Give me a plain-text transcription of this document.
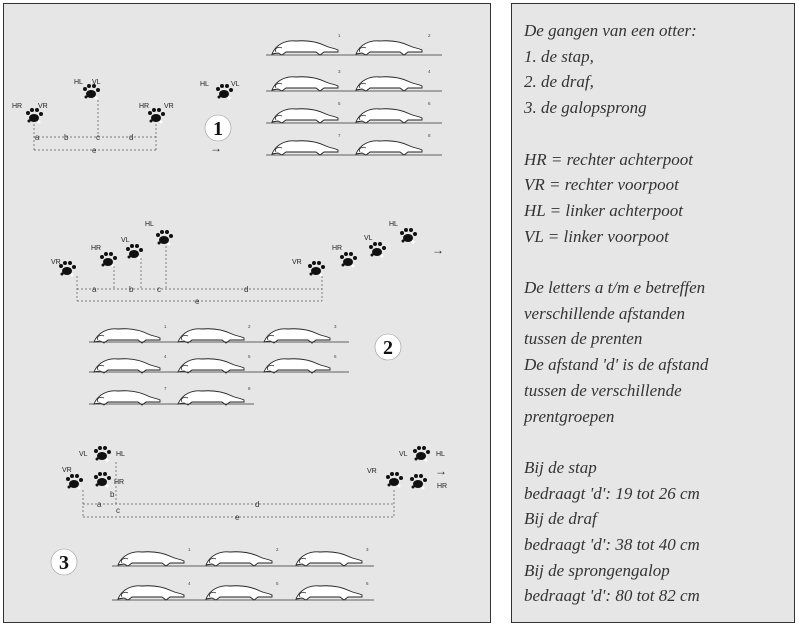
HR VR
HL VL
HR VR
HL	VL
a	b	c	d
e	→
1
1	2
3	4
5	6
7	8
VR
HR
VL
HL
VR
HR
VL
HL
a	b	c	d
e
→
2
1	2	3
4	5	6
7	8
VR
VL	HL
HR
VR
VL	HL
HR
a
b
c
d
e
→
3
1	2	3
4	5	6
De gangen van een otter:
1. de stap,
2. de draf,
3. de galopsprong
HR = rechter achterpoot
VR = rechter voorpoot
HL = linker achterpoot
VL = linker voorpoot
De letters a t/m e betreffen
verschillende afstanden
tussen de prenten
De afstand 'd' is de afstand
tussen de verschillende
prentgroepen
Bij de stap
bedraagt 'd': 19 tot 26 cm
Bij de draf
bedraagt 'd': 38 tot 40 cm
Bij de sprongengalop
bedraagt 'd': 80 tot 82 cm
